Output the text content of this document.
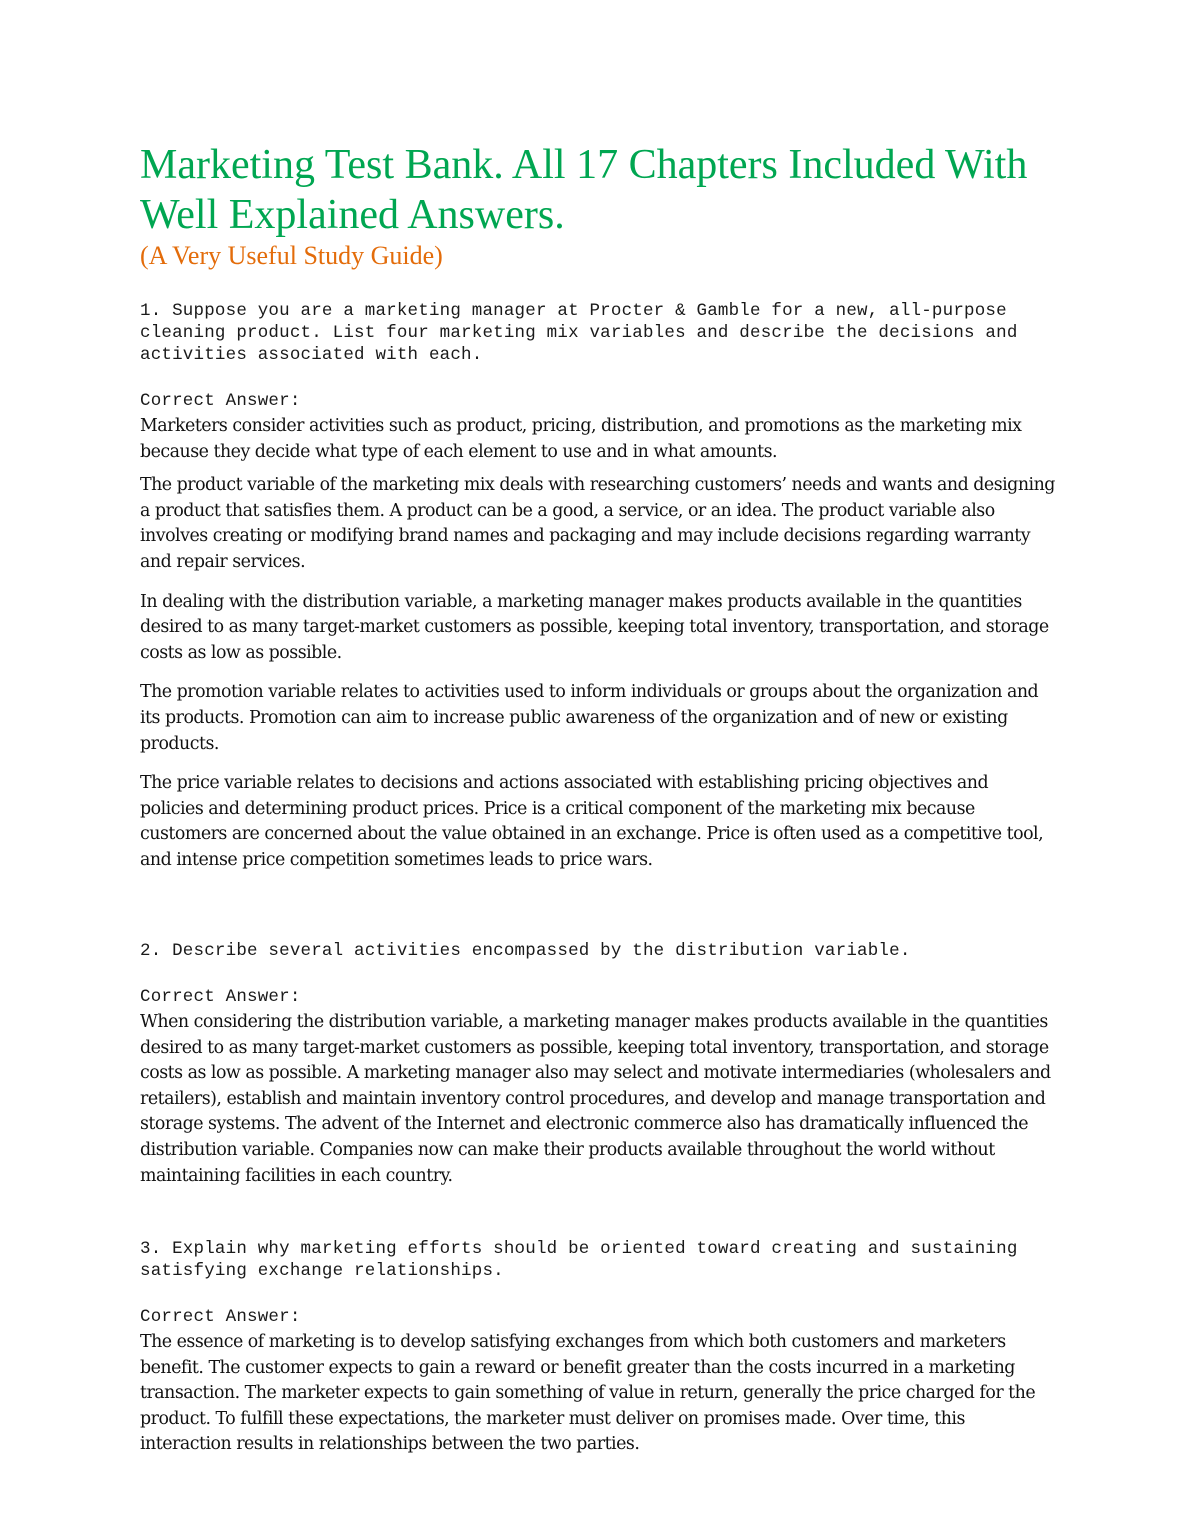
Marketing Test Bank. All 17 Chapters Included With
Well Explained Answers.

(A Very Useful Study Guide)

1. Suppose you are a marketing manager at Procter & Gamble for a new, all-purpose cleaning product. List four marketing mix variables and describe the decisions and activities associated with each.

Correct Answer:

Marketers consider activities such as product, pricing, distribution, and promotions as the marketing mix because they decide what type of each element to use and in what amounts.

The product variable of the marketing mix deals with researching customers’ needs and wants and designing a product that satisfies them. A product can be a good, a service, or an idea. The product variable also involves creating or modifying brand names and packaging and may include decisions regarding warranty and repair services.

In dealing with the distribution variable, a marketing manager makes products available in the quantities desired to as many target-market customers as possible, keeping total inventory, transportation, and storage costs as low as possible.

The promotion variable relates to activities used to inform individuals or groups about the organization and its products. Promotion can aim to increase public awareness of the organization and of new or existing products.

The price variable relates to decisions and actions associated with establishing pricing objectives and policies and determining product prices. Price is a critical component of the marketing mix because customers are concerned about the value obtained in an exchange. Price is often used as a competitive tool, and intense price competition sometimes leads to price wars.

2. Describe several activities encompassed by the distribution variable.

Correct Answer:

When considering the distribution variable, a marketing manager makes products available in the quantities desired to as many target-market customers as possible, keeping total inventory, transportation, and storage costs as low as possible. A marketing manager also may select and motivate intermediaries (wholesalers and retailers), establish and maintain inventory control procedures, and develop and manage transportation and storage systems. The advent of the Internet and electronic commerce also has dramatically influenced the distribution variable. Companies now can make their products available throughout the world without maintaining facilities in each country.

3. Explain why marketing efforts should be oriented toward creating and sustaining satisfying exchange relationships.

Correct Answer:

The essence of marketing is to develop satisfying exchanges from which both customers and marketers benefit. The customer expects to gain a reward or benefit greater than the costs incurred in a marketing transaction. The marketer expects to gain something of value in return, generally the price charged for the product. To fulfill these expectations, the marketer must deliver on promises made. Over time, this interaction results in relationships between the two parties.
